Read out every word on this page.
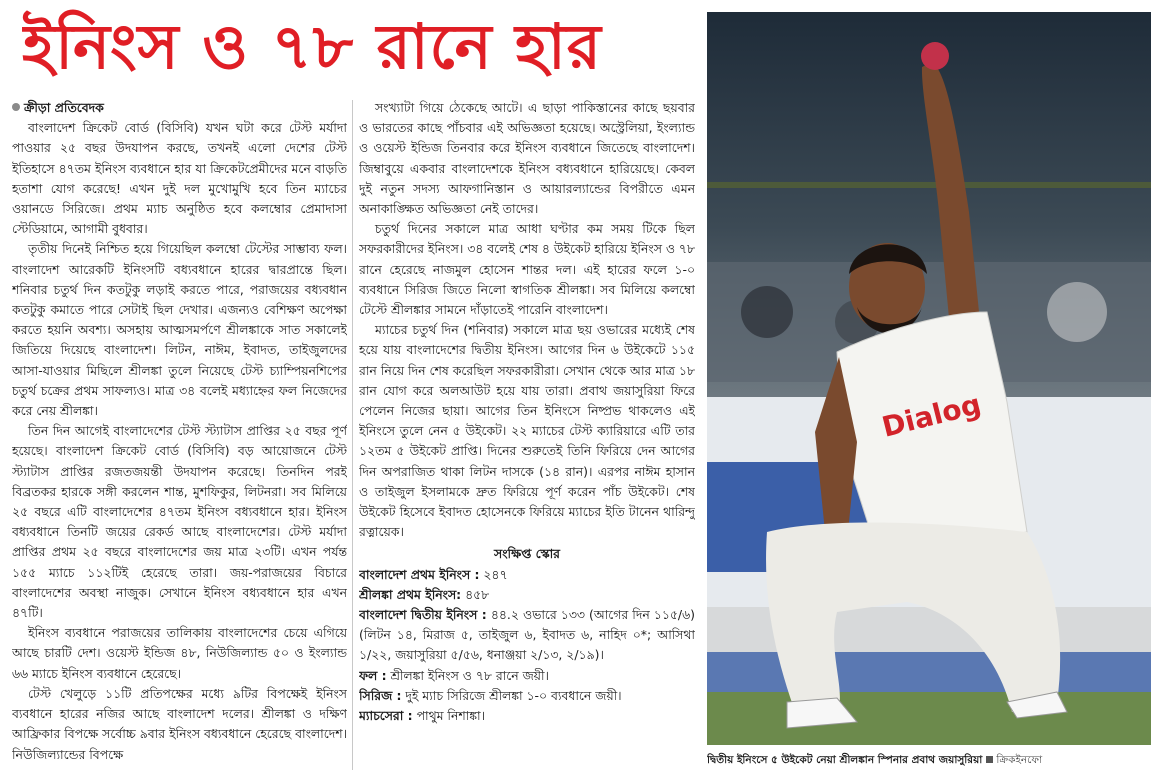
ইনিংস ও ৭৮ রানে হার

ক্রীড়া প্রতিবেদক

বাংলাদেশ ক্রিকেট বোর্ড (বিসিবি) যখন ঘটা করে টেস্ট মর্যাদা পাওয়ার ২৫ বছর উদযাপন করছে, তখনই এলো দেশের টেস্ট ইতিহাসে ৪৭তম ইনিংস ব্যবধানে হার যা ক্রিকেটপ্রেমীদের মনে বাড়তি হতাশা যোগ করেছে! এখন দুই দল মুখোমুখি হবে তিন ম্যাচের ওয়ানডে সিরিজে। প্রথম ম্যাচ অনুষ্ঠিত হবে কলম্বোর প্রেমাদাসা স্টেডিয়ামে, আগামী বুধবার।

তৃতীয় দিনেই নিশ্চিত হয়ে গিয়েছিল কলম্বো টেস্টের সাম্ভাব্য ফল। বাংলাদেশ আরেকটি ইনিংসটি বধ্যবধানে হারের দ্বারপ্রান্তে ছিল। শনিবার চতুর্থ দিন কতটুকু লড়াই করতে পারে, পরাজয়ের বধ্যবধান কতটুকু কমাতে পারে সেটাই ছিল দেখার। এজন্যও বেশিক্ষণ অপেক্ষা করতে হয়নি অবশ্য। অসহায় আত্মসমর্পণে শ্রীলঙ্কাকে সাত সকালেই জিতিয়ে দিয়েছে বাংলাদেশ। লিটন, নাঈম, ইবাদত, তাইজুলদের আসা-যাওয়ার মিছিলে শ্রীলঙ্কা তুলে নিয়েছে টেস্ট চ্যাম্পিয়নশিপের চতুর্থ চক্রের প্রথম সাফল্যও। মাত্র ৩৪ বলেই মধ্যাহ্নের ফল নিজেদের করে নেয় শ্রীলঙ্কা।

তিন দিন আগেই বাংলাদেশের টেস্ট স্ট্যাটাস প্রাপ্তির ২৫ বছর পূর্ণ হয়েছে। বাংলাদেশ ক্রিকেট বোর্ড (বিসিবি) বড় আয়োজনে টেস্ট স্ট্যাটাস প্রাপ্তির রজতজয়ন্তী উদযাপন করেছে। তিনদিন পরই বিব্রতকর হারকে সঙ্গী করলেন শান্ত, মুশফিকুর, লিটনরা। সব মিলিয়ে ২৫ বছরে এটি বাংলাদেশের ৪৭তম ইনিংস বধ্যবধানে হার। ইনিংস বধ্যবধানে তিনটি জয়ের রেকর্ড আছে বাংলাদেশের। টেস্ট মর্যাদা প্রাপ্তির প্রথম ২৫ বছরে বাংলাদেশের জয় মাত্র ২৩টি। এখন পর্যন্ত ১৫৫ ম্যাচে ১১২টিই হেরেছে তারা। জয়-পরাজয়ের বিচারে বাংলাদেশের অবস্থা নাজুক। সেখানে ইনিংস বধ্যবধানে হার এখন ৪৭টি।

ইনিংস ব্যবধানে পরাজয়ের তালিকায় বাংলাদেশের চেয়ে এগিয়ে আছে চারটি দেশ। ওয়েস্ট ইন্ডিজ ৪৮, নিউজিল্যান্ড ৫০ ও ইংল্যান্ড ৬৬ ম্যাচে ইনিংস ব্যবধানে হেরেছে।

টেস্ট খেলুড়ে ১১টি প্রতিপক্ষের মধ্যে ৯টির বিপক্ষেই ইনিংস ব্যবধানে হারের নজির আছে বাংলাদেশ দলের। শ্রীলঙ্কা ও দক্ষিণ আফ্রিকার বিপক্ষে সর্বোচ্চ ৯বার ইনিংস বধ্যবধানে হেরেছে বাংলাদেশ। নিউজিল্যান্ডের বিপক্ষে

সংখ্যাটা গিয়ে ঠেকেছে আটে। এ ছাড়া পাকিস্তানের কাছে ছয়বার ও ভারতের কাছে পাঁচবার এই অভিজ্ঞতা হয়েছে। অস্ট্রেলিয়া, ইংল্যান্ড ও ওয়েস্ট ইন্ডিজ তিনবার করে ইনিংস ব্যবধানে জিতেছে বাংলাদেশ। জিম্বাবুয়ে একবার বাংলাদেশকে ইনিংস বধ্যবধানে হারিয়েছে। কেবল দুই নতুন সদস্য আফগানিস্তান ও আয়ারল্যান্ডের বিপরীতে এমন অনাকাঙ্ক্ষিত অভিজ্ঞতা নেই তাদের।

চতুর্থ দিনের সকালে মাত্র আধা ঘণ্টার কম সময় টিকে ছিল সফরকারীদের ইনিংস। ৩৪ বলেই শেষ ৪ উইকেট হারিয়ে ইনিংস ও ৭৮ রানে হেরেছে নাজমুল হোসেন শান্তর দল। এই হারের ফলে ১-০ ব্যবধানে সিরিজ জিতে নিলো স্বাগতিক শ্রীলঙ্কা। সব মিলিয়ে কলম্বো টেস্টে শ্রীলঙ্কার সামনে দাঁড়াতেই পারেনি বাংলাদেশ।

ম্যাচের চতুর্থ দিন (শনিবার) সকালে মাত্র ছয় ওভারের মধ্যেই শেষ হয়ে যায় বাংলাদেশের দ্বিতীয় ইনিংস। আগের দিন ৬ উইকেটে ১১৫ রান নিয়ে দিন শেষ করেছিল সফরকারীরা। সেখান থেকে আর মাত্র ১৮ রান যোগ করে অলআউট হয়ে যায় তারা। প্রবাথ জয়াসুরিয়া ফিরে পেলেন নিজের ছায়া। আগের তিন ইনিংসে নিষ্প্রভ থাকলেও এই ইনিংসে তুলে নেন ৫ উইকেট। ২২ ম্যাচের টেস্ট ক্যারিয়ারে এটি তার ১২তম ৫ উইকেট প্রাপ্তি। দিনের শুরুতেই তিনি ফিরিয়ে দেন আগের দিন অপরাজিত থাকা লিটন দাসকে (১৪ রান)। এরপর নাঈম হাসান ও তাইজুল ইসলামকে দ্রুত ফিরিয়ে পূর্ণ করেন পাঁচ উইকেট। শেষ উইকেট হিসেবে ইবাদত হোসেনকে ফিরিয়ে ম্যাচের ইতি টানেন থারিন্দু রত্নায়েক।

সংক্ষিপ্ত স্কোর

বাংলাদেশ প্রথম ইনিংস : ২৪৭

শ্রীলঙ্কা প্রথম ইনিংস: ৪৫৮

বাংলাদেশ দ্বিতীয় ইনিংস : ৪৪.২ ওভারে ১৩৩ (আগের দিন ১১৫/৬) (লিটন ১৪, মিরাজ ৫, তাইজুল ৬, ইবাদত ৬, নাহিদ ০*; আসিথা ১/২২, জয়াসুরিয়া ৫/৫৬, ধনাঞ্জয়া ২/১৩, ২/১৯)।

ফল : শ্রীলঙ্কা ইনিংস ও ৭৮ রানে জয়ী।

সিরিজ : দুই ম্যাচ সিরিজে শ্রীলঙ্কা ১-০ ব্যবধানে জয়ী।

ম্যাচসেরা : পাথুম নিশাঙ্কা।

Dialog
দ্বিতীয় ইনিংসে ৫ উইকেট নেয়া শ্রীলঙ্কান স্পিনার প্রবাথ জয়াসুরিয়া ক্রিকইনফো
